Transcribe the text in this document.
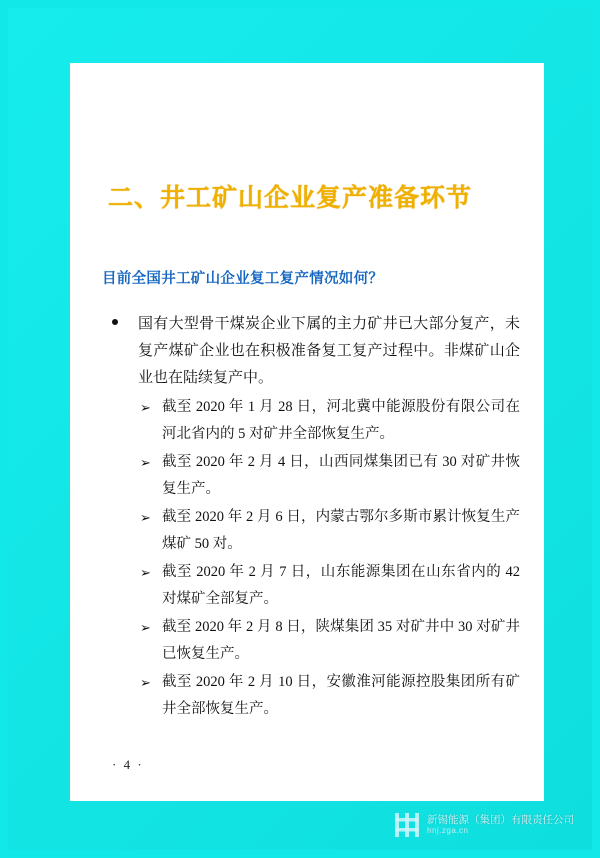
二、井工矿山企业复产准备环节
目前全国井工矿山企业复工复产情况如何？
国有大型骨干煤炭企业下属的主力矿井已大部分复产，未复产煤矿企业也在积极准备复工复产过程中。非煤矿山企业也在陆续复产中。
➢ 截至 2020 年 1 月 28 日，河北冀中能源股份有限公司在河北省内的 5 对矿井全部恢复生产。
➢ 截至 2020 年 2 月 4 日，山西同煤集团已有 30 对矿井恢复生产。
➢ 截至 2020 年 2 月 6 日，内蒙古鄂尔多斯市累计恢复生产煤矿 50 对。
➢ 截至 2020 年 2 月 7 日，山东能源集团在山东省内的 42 对煤矿全部复产。
➢ 截至 2020 年 2 月 8 日，陕煤集团 35 对矿井中 30 对矿井已恢复生产。
➢ 截至 2020 年 2 月 10 日，安徽淮河能源控股集团所有矿井全部恢复生产。
· 4 ·
新锡能源（集团）有限责任公司
hnj.zga.cn
